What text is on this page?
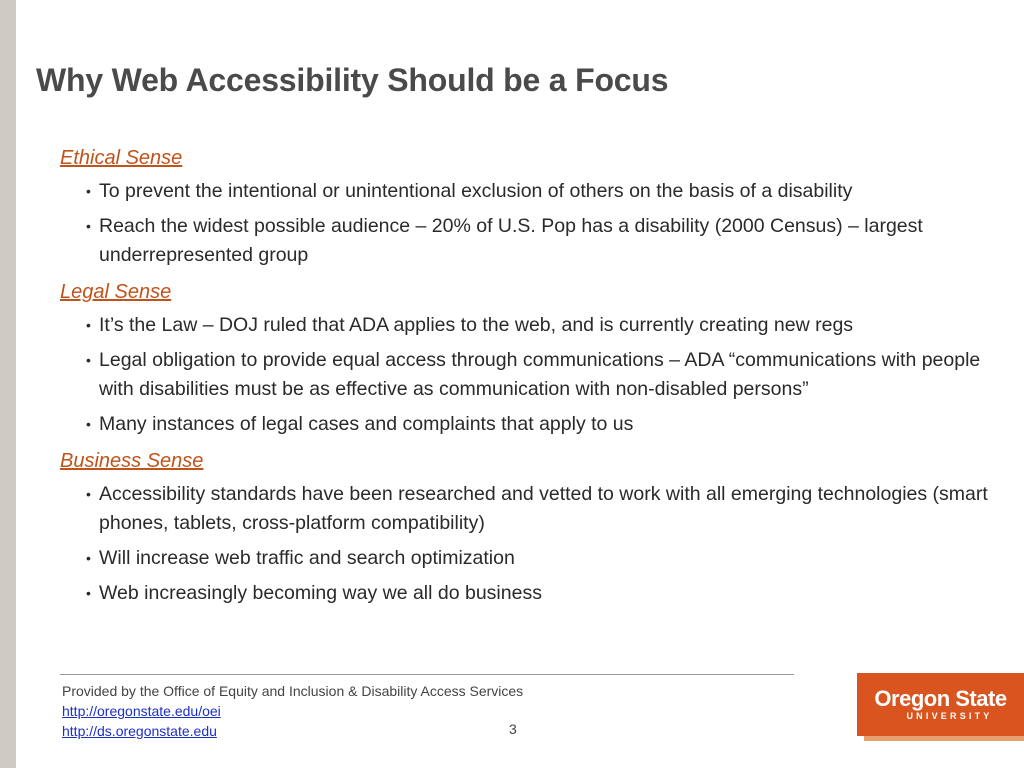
Why Web Accessibility Should be a Focus
Ethical Sense
• To prevent the intentional or unintentional exclusion of others on the basis of a disability
• Reach the widest possible audience – 20% of U.S. Pop has a disability (2000 Census) – largest underrepresented group
Legal Sense
• It’s the Law – DOJ ruled that ADA applies to the web, and is currently creating new regs
• Legal obligation to provide equal access through communications – ADA “communications with people with disabilities must be as effective as communication with non-disabled persons”
• Many instances of legal cases and complaints that apply to us
Business Sense
• Accessibility standards have been researched and vetted to work with all emerging technologies (smart phones, tablets, cross-platform compatibility)
• Will increase web traffic and search optimization
• Web increasingly becoming way we all do business
Provided by the Office of Equity and Inclusion & Disability Access Services
http://oregonstate.edu/oei
http://ds.oregonstate.edu	3
Oregon State
UNIVERSITY
